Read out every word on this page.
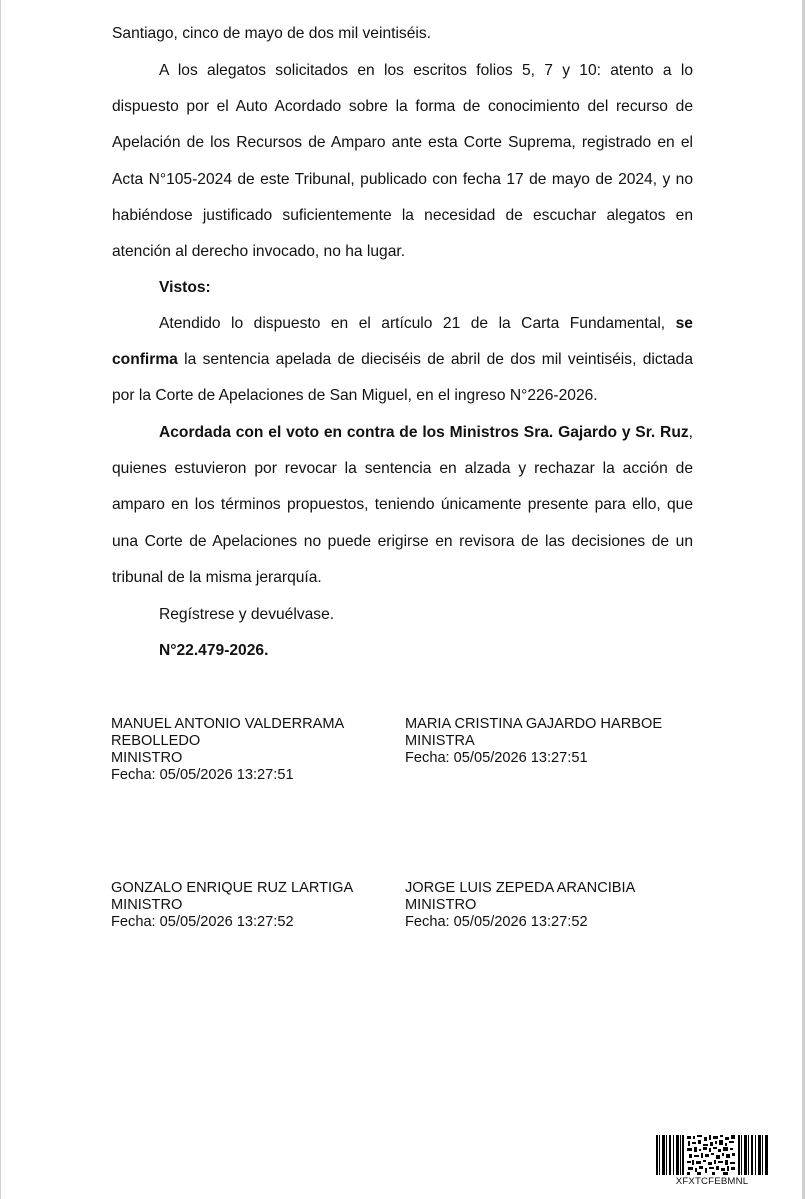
Santiago, cinco de mayo de dos mil veintiséis.

A los alegatos solicitados en los escritos folios 5, 7 y 10: atento a lo dispuesto por el Auto Acordado sobre la forma de conocimiento del recurso de Apelación de los Recursos de Amparo ante esta Corte Suprema, registrado en el Acta N°105-2024 de este Tribunal, publicado con fecha 17 de mayo de 2024, y no habiéndose justificado suficientemente la necesidad de escuchar alegatos en atención al derecho invocado, no ha lugar.

Vistos:

Atendido lo dispuesto en el artículo 21 de la Carta Fundamental, se confirma la sentencia apelada de dieciséis de abril de dos mil veintiséis, dictada por la Corte de Apelaciones de San Miguel, en el ingreso N°226-2026.

Acordada con el voto en contra de los Ministros Sra. Gajardo y Sr. Ruz, quienes estuvieron por revocar la sentencia en alzada y rechazar la acción de amparo en los términos propuestos, teniendo únicamente presente para ello, que una Corte de Apelaciones no puede erigirse en revisora de las decisiones de un tribunal de la misma jerarquía.

Regístrese y devuélvase.

N°22.479-2026.

MANUEL ANTONIO VALDERRAMA
REBOLLEDO
MINISTRO
Fecha: 05/05/2026 13:27:51
MARIA CRISTINA GAJARDO HARBOE
MINISTRA
Fecha: 05/05/2026 13:27:51
GONZALO ENRIQUE RUZ LARTIGA
MINISTRO
Fecha: 05/05/2026 13:27:52
JORGE LUIS ZEPEDA ARANCIBIA
MINISTRO
Fecha: 05/05/2026 13:27:52
XFXTCFEBMNL
